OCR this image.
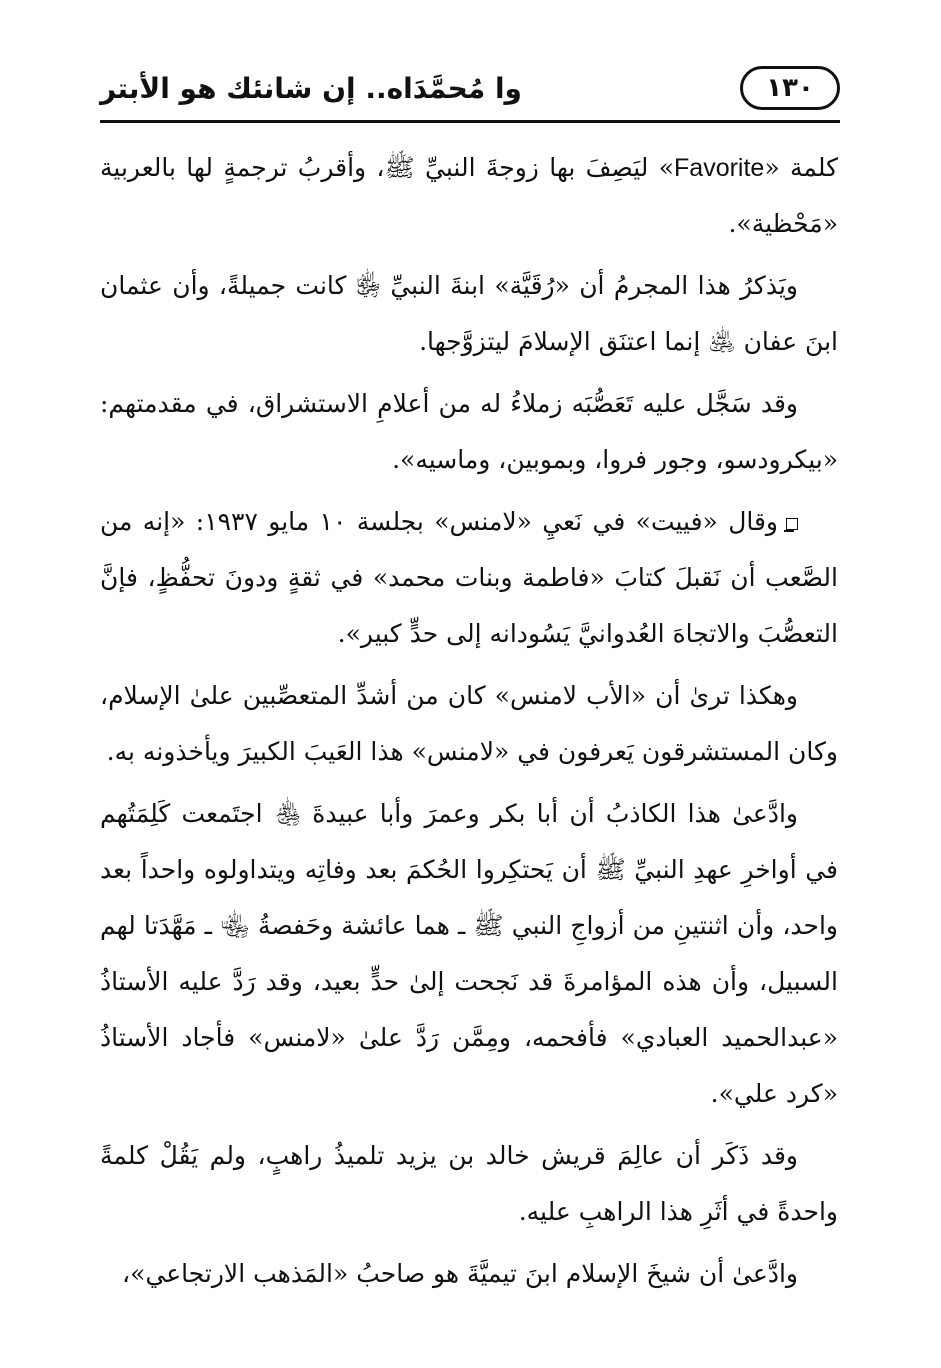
١٣٠
وا مُحمَّدَاه.. إن شانئك هو الأبتر

كلمة «Favorite» ليَصِفَ بها زوجةَ النبيِّ ﷺ، وأقربُ ترجمةٍ لها بالعربية «مَحْظية».

ويَذكرُ هذا المجرمُ أن «رُقَيَّة» ابنةَ النبيِّ ﵂ كانت جميلةً، وأن عثمان ابنَ عفان ﵁ إنما اعتنَق الإسلامَ ليتزوَّجها.

وقد سَجَّل عليه تَعَصُّبَه زملاءُ له من أعلامِ الاستشراق، في مقدمتهم: «بيكرودسو، وجور فروا، وبموبين، وماسيه».

وقال «فييت» في نَعيِ «لامنس» بجلسة ١٠ مايو ١٩٣٧: «إنه من الصَّعب أن نَقبلَ كتابَ «فاطمة وبنات محمد» في ثقةٍ ودونَ تحفُّظٍ، فإنَّ التعصُّبَ والاتجاهَ العُدوانيَّ يَسُودانه إلى حدٍّ كبير».

وهكذا ترىٰ أن «الأب لامنس» كان من أشدِّ المتعصِّبين علىٰ الإسلام، وكان المستشرقون يَعرفون في «لامنس» هذا العَيبَ الكبيرَ ويأخذونه به.

وادَّعىٰ هذا الكاذبُ أن أبا بكر وعمرَ وأبا عبيدةَ ﵃ اجتَمعت كَلِمَتُهم في أواخرِ عهدِ النبيِّ ﷺ أن يَحتكِروا الحُكمَ بعد وفاتِه ويتداولوه واحداً بعد واحد، وأن اثنتينِ من أزواجِ النبي ﷺ ـ هما عائشة وحَفصةُ ﵄ ـ مَهَّدَتا لهم السبيل، وأن هذه المؤامرةَ قد نَجحت إلىٰ حدٍّ بعيد، وقد رَدَّ عليه الأستاذُ «عبدالحميد العبادي» فأفحمه، ومِمَّن رَدَّ علىٰ «لامنس» فأجاد الأستاذُ «كرد علي».

وقد ذَكَر أن عالِمَ قريش خالد بن يزيد تلميذُ راهبٍ، ولم يَقُلْ كلمةً واحدةً في أثَرِ هذا الراهبِ عليه.

وادَّعىٰ أن شيخَ الإسلام ابنَ تيميَّةَ هو صاحبُ «المَذهب الارتجاعي»،
